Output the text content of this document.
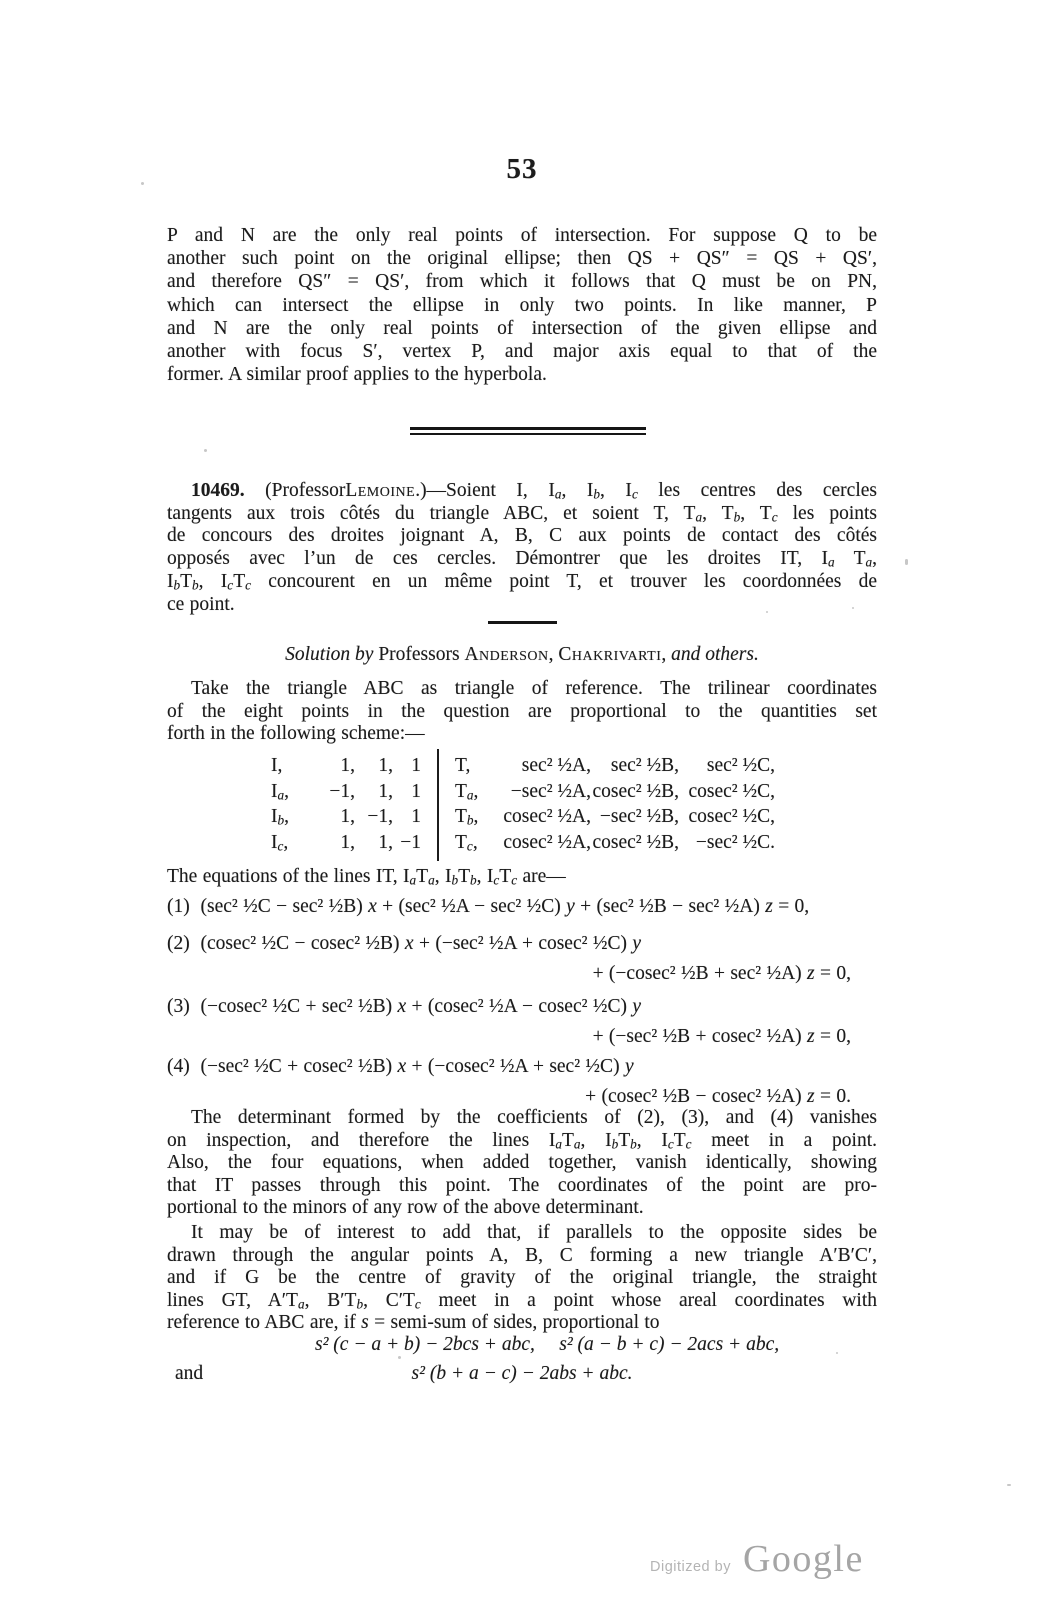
53
P and N are the only real points of intersection. For suppose Q to be
another such point on the original ellipse; then QS + QS″ = QS + QS′,
and therefore QS″ = QS′, from which it follows that Q must be on PN,
which can intersect the ellipse in only two points. In like manner, P
and N are the only real points of intersection of the given ellipse and
another with focus S′, vertex P, and major axis equal to that of the
former. A similar proof applies to the hyperbola.
10469. (ProfessorLemoine.)—Soient I, $I_a$, $I_b$, $I_c$ les centres des cercles
tangents aux trois côtés du triangle ABC, et soient T, $T_a$, $T_b$, $T_c$ les points
de concours des droites joignant A, B, C aux points de contact des côtés
opposés avec l’un de ces cercles. Démontrer que les droites IT, $I_a$ $T_a$,
$I_bT_b$, $I_cT_c$ concourent en un même point T, et trouver les coordonnées de
ce point.
Solution by Professors Anderson, Chakrivarti, and others.
Take the triangle ABC as triangle of reference. The trilinear coordinates
of the eight points in the question are proportional to the quantities set
forth in the following scheme:—
I,	1,	1, 1	T,	sec² ½A,	sec² ½B,	sec² ½C,
$I_a$,	−1,	1, 1	$T_a$,	−sec² ½A, cosec² ½B, cosec² ½C,
$I_b$,	1, −1, 1	$T_b$,	cosec² ½A, −sec² ½B, cosec² ½C,
$I_c$,	1,	1, −1	$T_c$,	cosec² ½A, cosec² ½B, −sec² ½C.
The equations of the lines IT, $I_aT_a$, $I_bT_b$, $I_cT_c$ are—
(1)  (sec² ½C − sec² ½B) x + (sec² ½A − sec² ½C) y + (sec² ½B − sec² ½A) z = 0,
(2)  (cosec² ½C − cosec² ½B) x + (−sec² ½A + cosec² ½C) y
+ (−cosec² ½B + sec² ½A) z = 0,
(3)  (−cosec² ½C + sec² ½B) x + (cosec² ½A − cosec² ½C) y
+ (−sec² ½B + cosec² ½A) z = 0,
(4)  (−sec² ½C + cosec² ½B) x + (−cosec² ½A + sec² ½C) y
+ (cosec² ½B − cosec² ½A) z = 0.
The determinant formed by the coefficients of (2), (3), and (4) vanishes
on inspection, and therefore the lines $I_aT_a$, $I_bT_b$, $I_cT_c$ meet in a point.
Also, the four equations, when added together, vanish identically, showing
that IT passes through this point. The coordinates of the point are pro-
portional to the minors of any row of the above determinant.
It may be of interest to add that, if parallels to the opposite sides be
drawn through the angular points A, B, C forming a new triangle A′B′C′,
and if G be the centre of gravity of the original triangle, the straight
lines GT, $A'T_a$, $B'T_b$, $C'T_c$ meet in a point whose areal coordinates with
reference to ABC are, if s = semi-sum of sides, proportional to
s² (c − a + b) − 2bcs + abc,     s² (a − b + c) − 2acs + abc,
and	s² (b + a − c) − 2abs + abc.
Digitized by Google
